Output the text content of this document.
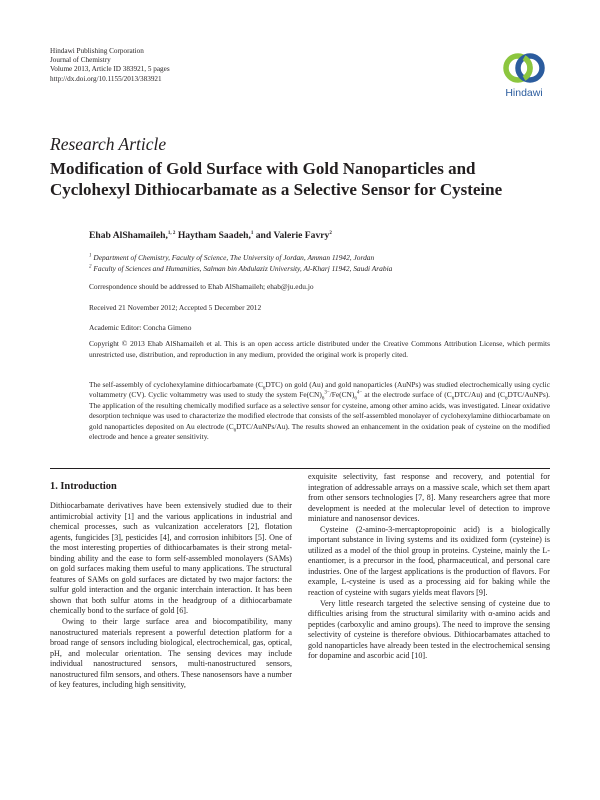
Hindawi Publishing Corporation
Journal of Chemistry
Volume 2013, Article ID 383921, 5 pages
http://dx.doi.org/10.1155/2013/383921
Hindawi
Research Article
Modification of Gold Surface with Gold Nanoparticles and
Cyclohexyl Dithiocarbamate as a Selective Sensor for Cysteine
Ehab AlShamaileh,$^{1, 2}$ Haytham Saadeh,$^1$ and Valerie Favry$^2$
$^1$ Department of Chemistry, Faculty of Science, The University of Jordan, Amman 11942, Jordan
$^2$ Faculty of Sciences and Humanities, Salman bin Abdulaziz University, Al-Kharj 11942, Saudi Arabia
Correspondence should be addressed to Ehab AlShamaileh; ehab@ju.edu.jo
Received 21 November 2012; Accepted 5 December 2012
Academic Editor: Concha Gimeno
Copyright © 2013 Ehab AlShamaileh et al. This is an open access article distributed under the Creative Commons Attribution License, which permits unrestricted use, distribution, and reproduction in any medium, provided the original work is properly cited.
The self-assembly of cyclohexylamine dithiocarbamate $(C_6DTC)$ on gold (Au) and gold nanoparticles (AuNPs) was studied electrochemically using cyclic voltammetry (CV). Cyclic voltammetry was used to study the system $Fe(CN)_6^{3-}/Fe(CN)_6^{4-}$ at the electrode surface of $(C_6DTC/Au)$ and $(C_6DTC/AuNPs)$. The application of the resulting chemically modified surface as a selective sensor for cysteine, among other amino acids, was investigated. Linear oxidative desorption technique was used to characterize the modified electrode that consists of the self-assembled monolayer of cyclohexylamine dithiocarbamate on gold nanoparticles deposited on Au electrode $(C_6DTC/AuNPs/Au)$. The results showed an enhancement in the oxidation peak of cysteine on the modified electrode and hence a greater sensitivity.
1. Introduction

Dithiocarbamate derivatives have been extensively studied due to their antimicrobial activity [1] and the various applications in industrial and chemical processes, such as vulcanization accelerators [2], flotation agents, fungicides [3], pesticides [4], and corrosion inhibitors [5]. One of the most interesting properties of dithiocarbamates is their strong metal-binding ability and the ease to form self-assembled monolayers (SAMs) on gold surfaces making them useful to many applications. The structural features of SAMs on gold surfaces are dictated by two major factors: the sulfur gold interaction and the organic interchain interaction. It has been shown that both sulfur atoms in the headgroup of a dithiocarbamate chemically bond to the surface of gold [6].

Owing to their large surface area and biocompatibility, many nanostructured materials represent a powerful detection platform for a broad range of sensors including biological, electrochemical, gas, optical, pH, and molecular orientation. The sensing devices may include individual nanostructured sensors, multi-nanostructured sensors, nanostructured film sensors, and others. These nanosensors have a number of key features, including high sensitivity,

exquisite selectivity, fast response and recovery, and potential for integration of addressable arrays on a massive scale, which set them apart from other sensors technologies [7, 8]. Many researchers agree that more development is needed at the molecular level of detection to improve miniature and nanosensor devices.

Cysteine (2-amino-3-mercaptopropoinic acid) is a biologically important substance in living systems and its oxidized form (cysteine) is utilized as a model of the thiol group in proteins. Cysteine, mainly the L-enantiomer, is a precursor in the food, pharmaceutical, and personal care industries. One of the largest applications is the production of flavors. For example, L-cysteine is used as a processing aid for baking while the reaction of cysteine with sugars yields meat flavors [9].

Very little research targeted the selective sensing of cysteine due to difficulties arising from the structural similarity with α-amino acids and peptides (carboxylic and amino groups). The need to improve the sensing selectivity of cysteine is therefore obvious. Dithiocarbamates attached to gold nanoparticles have already been tested in the electrochemical sensing for dopamine and ascorbic acid [10].
